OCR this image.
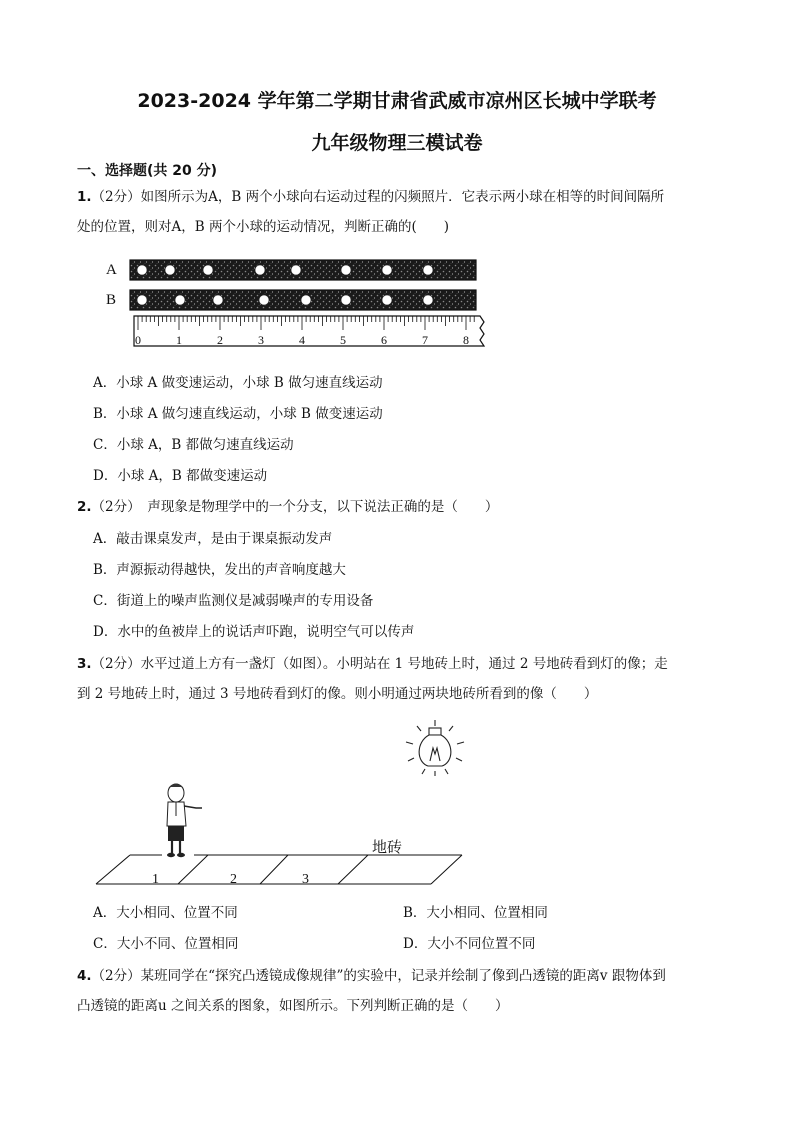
2023-2024 学年第二学期甘肃省武威市凉州区长城中学联考
九年级物理三模试卷
一、选择题(共 20 分)
1.（2分）如图所示为A，B 两个小球向右运动过程的闪频照片．它表示两小球在相等的时间间隔所
处的位置，则对A，B 两个小球的运动情况，判断正确的(　　)
A
B
0	1	2	3	4	5	6	7	8
A．小球 A 做变速运动，小球 B 做匀速直线运动
B．小球 A 做匀速直线运动，小球 B 做变速运动
C．小球 A，B 都做匀速直线运动
D．小球 A，B 都做变速运动
2.（2分）　声现象是物理学中的一个分支，以下说法正确的是（　　）
A．敲击课桌发声，是由于课桌振动发声
B．声源振动得越快，发出的声音响度越大
C．街道上的噪声监测仪是减弱噪声的专用设备
D．水中的鱼被岸上的说话声吓跑，说明空气可以传声
3.（2分）水平过道上方有一盏灯（如图）。小明站在 1 号地砖上时，通过 2 号地砖看到灯的像；走
到 2 号地砖上时，通过 3 号地砖看到灯的像。则小明通过两块地砖所看到的像（　　）
地砖
1	2	3
A．大小相同、位置不同	B．大小相同、位置相同
C．大小不同、位置相同	D．大小不同位置不同
4.（2分）某班同学在“探究凸透镜成像规律”的实验中，记录并绘制了像到凸透镜的距离v 跟物体到
凸透镜的距离u 之间关系的图象，如图所示。下列判断正确的是（　　）
